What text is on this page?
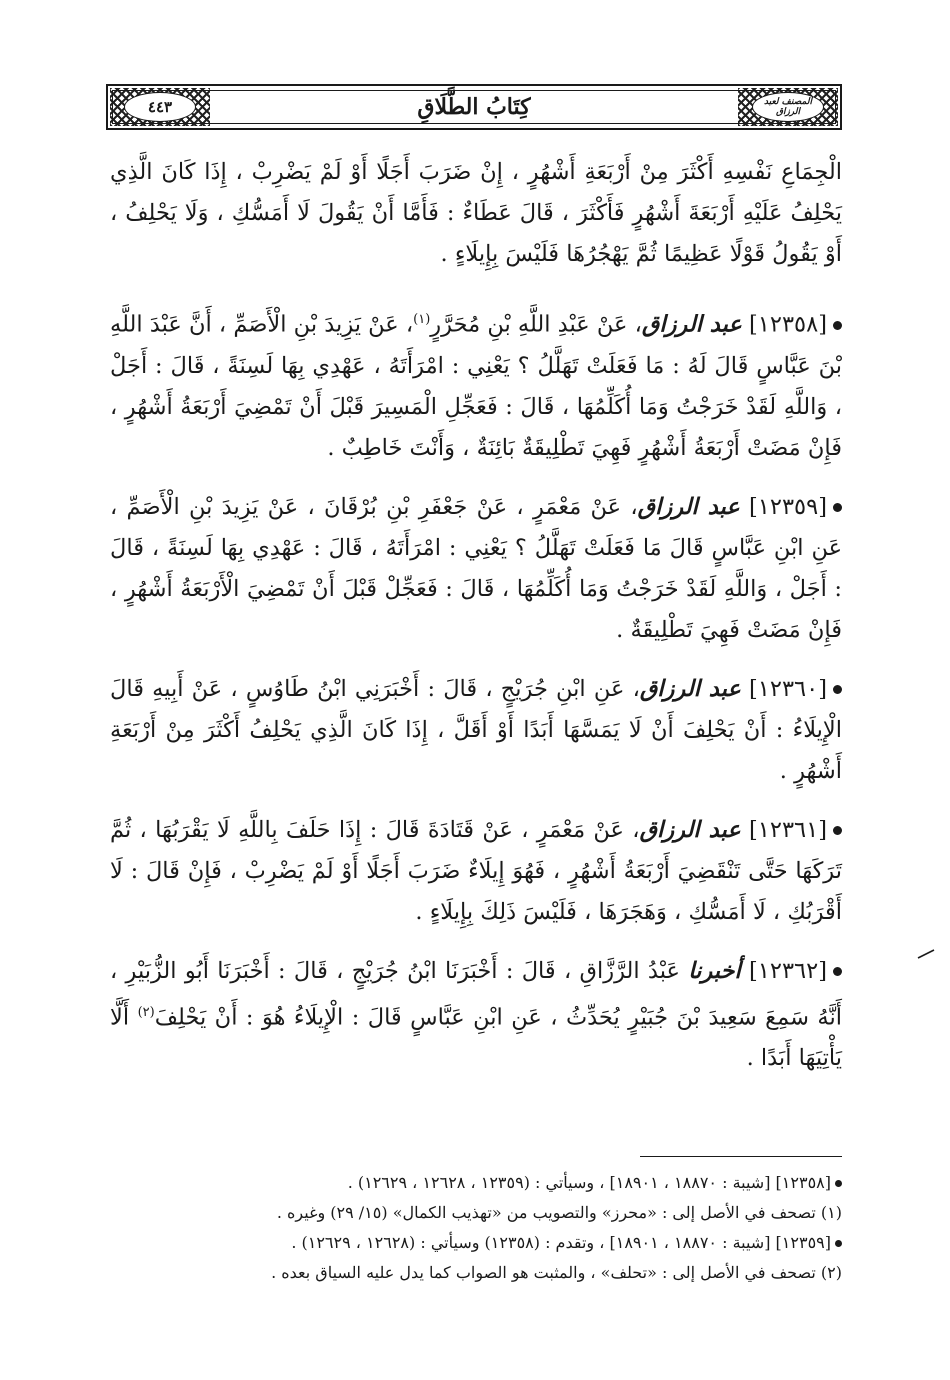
٤٤٣	كِتَابُ الطَّلَاقِ	المصنف لعبد الرزاق

الْجِمَاعِ نَفْسِهِ أَكْثَرَ مِنْ أَرْبَعَةِ أَشْهُرٍ ، إِنْ ضَرَبَ أَجَلًا أَوْ لَمْ يَضْرِبْ ، إِذَا كَانَ الَّذِي يَحْلِفُ عَلَيْهِ أَرْبَعَةَ أَشْهُرٍ فَأَكْثَرَ ، قَالَ عَطَاءٌ : فَأَمَّا أَنْ يَقُولَ لَا أَمَسُّكِ ، وَلَا يَحْلِفُ ، أَوْ يَقُولُ قَوْلًا عَظِيمًا ثُمَّ يَهْجُرُهَا فَلَيْسَ بِإِيلَاءٍ .

[١٢٣٥٨] عبد الرزاق، عَنْ عَبْدِ اللَّهِ بْنِ مُحَرَّرٍ$^{(١)}$، عَنْ يَزِيدَ بْنِ الْأَصَمِّ ، أَنَّ عَبْدَ اللَّهِ بْنَ عَبَّاسٍ قَالَ لَهُ : مَا فَعَلَتْ تَهَلَّلُ ؟ يَعْنِي : امْرَأَتَهُ ، عَهْدِي بِهَا لَسِنَةً ، قَالَ : أَجَلْ ، وَاللَّهِ لَقَدْ خَرَجْتُ وَمَا أُكَلِّمُهَا ، قَالَ : فَعَجِّلِ الْمَسِيرَ قَبْلَ أَنْ تَمْضِيَ أَرْبَعَةُ أَشْهُرٍ ، فَإِنْ مَضَتْ أَرْبَعَةُ أَشْهُرٍ فَهِيَ تَطْلِيقَةٌ بَائِنَةٌ ، وَأَنْتَ خَاطِبٌ .

[١٢٣٥٩] عبد الرزاق، عَنْ مَعْمَرٍ ، عَنْ جَعْفَرِ بْنِ بُرْقَانَ ، عَنْ يَزِيدَ بْنِ الْأَصَمِّ ، عَنِ ابْنِ عَبَّاسٍ قَالَ مَا فَعَلَتْ تَهَلَّلُ ؟ يَعْنِي : امْرَأَتَهُ ، قَالَ : عَهْدِي بِهَا لَسِنَةً ، قَالَ : أَجَلْ ، وَاللَّهِ لَقَدْ خَرَجْتُ وَمَا أُكَلِّمُهَا ، قَالَ : فَعَجِّلْ قَبْلَ أَنْ تَمْضِيَ الْأَرْبَعَةُ أَشْهُرٍ ، فَإِنْ مَضَتْ فَهِيَ تَطْلِيقَةٌ .

[١٢٣٦٠] عبد الرزاق، عَنِ ابْنِ جُرَيْجٍ ، قَالَ : أَخْبَرَنِي ابْنُ طَاوُسٍ ، عَنْ أَبِيهِ قَالَ الْإِيلَاءُ : أَنْ يَحْلِفَ أَنْ لَا يَمَسَّهَا أَبَدًا أَوْ أَقَلَّ ، إِذَا كَانَ الَّذِي يَحْلِفُ أَكْثَرَ مِنْ أَرْبَعَةِ أَشْهُرٍ .

[١٢٣٦١] عبد الرزاق، عَنْ مَعْمَرٍ ، عَنْ قَتَادَةَ قَالَ : إِذَا حَلَفَ بِاللَّهِ لَا يَقْرَبُهَا ، ثُمَّ تَرَكَهَا حَتَّى تَنْقَضِيَ أَرْبَعَةُ أَشْهُرٍ ، فَهُوَ إِيلَاءٌ ضَرَبَ أَجَلًا أَوْ لَمْ يَضْرِبْ ، فَإِنْ قَالَ : لَا أَقْرَبُكِ ، لَا أَمَسُّكِ ، وَهَجَرَهَا ، فَلَيْسَ ذَلِكَ بِإِيلَاءٍ .

[١٢٣٦٢] أخبرنا عَبْدُ الرَّزَّاقِ ، قَالَ : أَخْبَرَنَا ابْنُ جُرَيْجٍ ، قَالَ : أَخْبَرَنَا أَبُو الزُّبَيْرِ ، أَنَّهُ سَمِعَ سَعِيدَ بْنَ جُبَيْرٍ يُحَدِّثُ ، عَنِ ابْنِ عَبَّاسٍ قَالَ : الْإِيلَاءُ هُوَ : أَنْ يَحْلِفَ$^{(٢)}$ أَلَّا يَأْتِيَهَا أَبَدًا .

[١٢٣٥٨] [شيبة : ١٨٨٧٠ ، ١٨٩٠١] ، وسيأتي : (١٢٣٥٩ ، ١٢٦٢٨ ، ١٢٦٢٩) .
(١) تصحف في الأصل إلى : «محرز» والتصويب من «تهذيب الكمال» (١٥/ ٢٩) وغيره .
[١٢٣٥٩] [شيبة : ١٨٨٧٠ ، ١٨٩٠١] ، وتقدم : (١٢٣٥٨) وسيأتي : (١٢٦٢٨ ، ١٢٦٢٩) .
(٢) تصحف في الأصل إلى : «تحلف» ، والمثبت هو الصواب كما يدل عليه السياق بعده .
